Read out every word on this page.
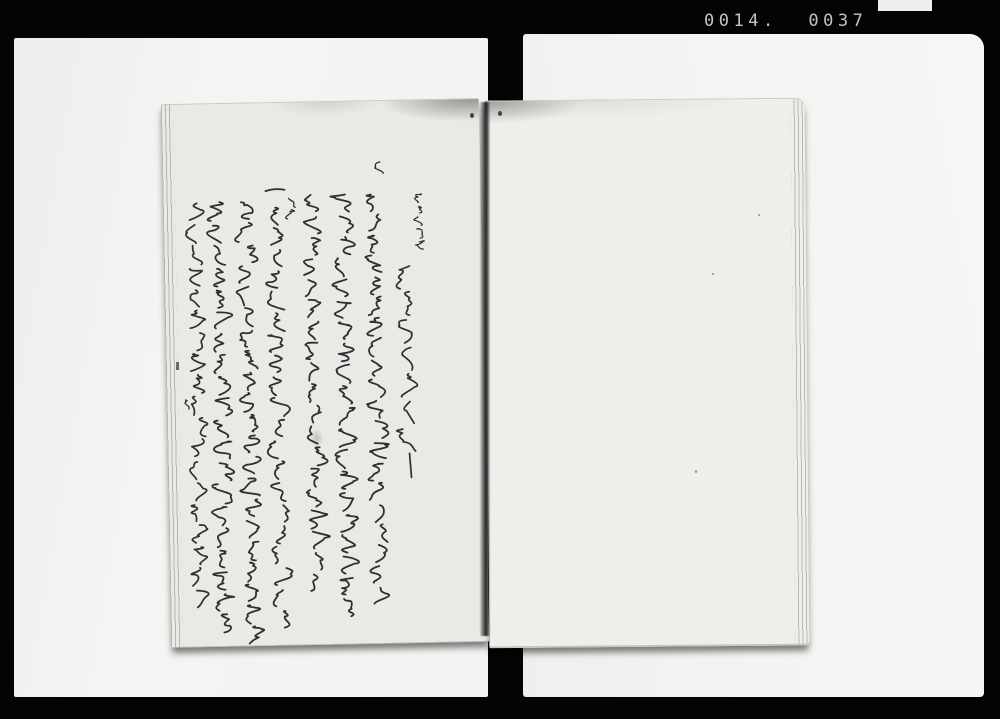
0014. 0037
